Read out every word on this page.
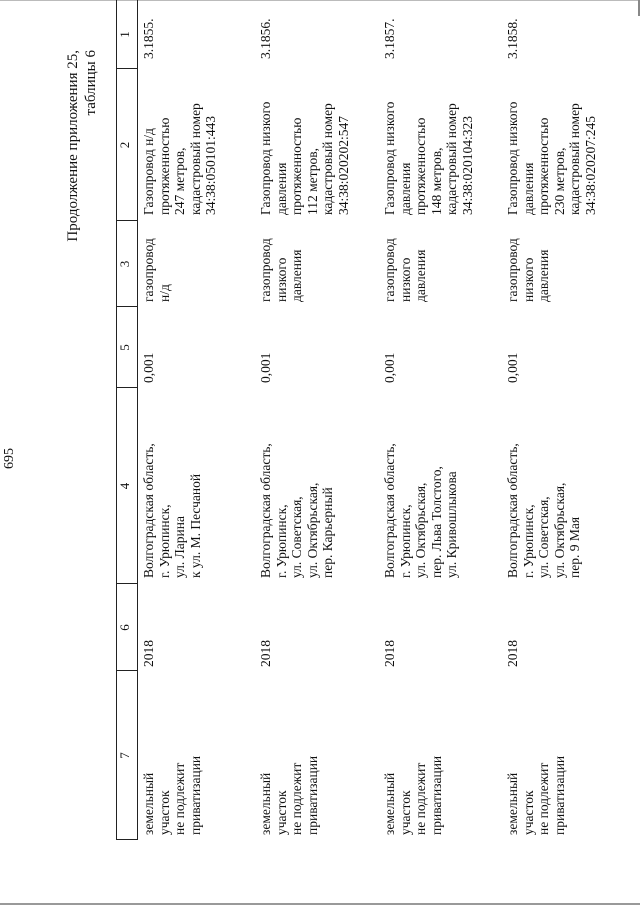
695
Продолжение приложения 25, таблицы 6
1
2
3
4
5
6
7
3.1855.
Газопровод н/д
протяженностью
247 метров,
кадастровый номер
34:38:050101:443
газопровод
н/д
Волгоградская область,
г. Урюпинск,
ул. Ларина
к ул. М. Песчаной
0,001
2018
земельный
участок
не подлежит
приватизации
3.1856.
Газопровод низкого
давления
протяженностью
112 метров,
кадастровый номер
34:38:020202:547
газопровод
низкого
давления
Волгоградская область,
г. Урюпинск,
ул. Советская,
ул. Октябрьская,
пер. Карьерный
0,001
2018
земельный
участок
не подлежит
приватизации
3.1857.
Газопровод низкого
давления
протяженностью
148 метров,
кадастровый номер
34:38:020104:323
газопровод
низкого
давления
Волгоградская область,
г. Урюпинск,
ул. Октябрьская,
пер. Льва Толстого,
ул. Кривошлыкова
0,001
2018
земельный
участок
не подлежит
приватизации
3.1858.
Газопровод низкого
давления
протяженностью
230 метров,
кадастровый номер
34:38:020207:245
газопровод
низкого
давления
Волгоградская область,
г. Урюпинск,
ул. Советская,
ул. Октябрьская,
пер. 9 Мая
0,001
2018
земельный
участок
не подлежит
приватизации
